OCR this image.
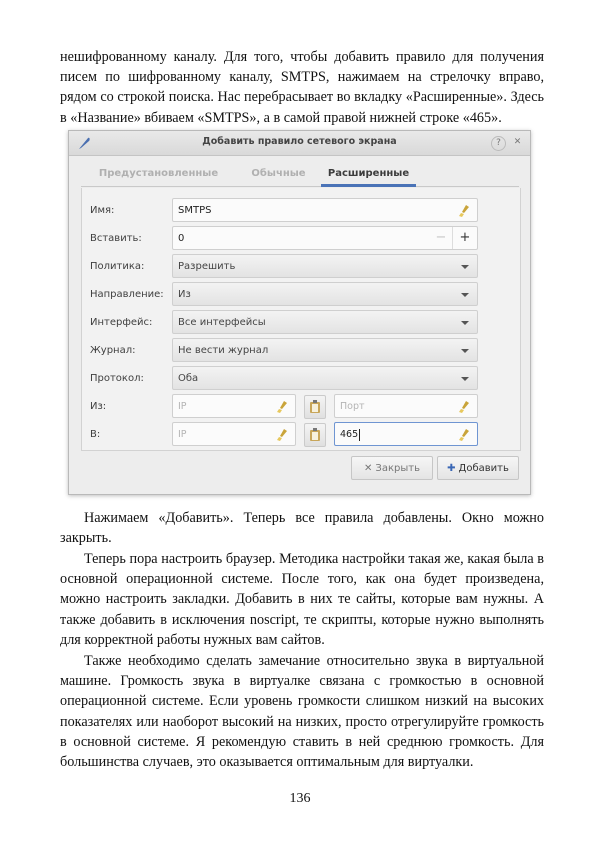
нешифрованному каналу. Для того, чтобы добавить правило для получения писем по шифрованному каналу, SMTPS, нажимаем на стрелочку вправо, рядом со строкой поиска. Нас перебрасывает во вкладку «Расширенные». Здесь в «Название» вбиваем «SMTPS», а в самой правой нижней строке «465».

Добавить правило сетевого экрана	?	✕
Предустановленные	Обычные	Расширенные
Имя:	SMTPS
Вставить:	0	−	+
Политика:	Разрешить
Направление:	Из
Интерфейс:	Все интерфейсы
Журнал:	Не вести журнал
Протокол:	Оба
Из:	IP	Порт
В:	IP	465
✕ Закрыть	✚ Добавить

Нажимаем «Добавить». Теперь все правила добавлены. Окно можно закрыть.

Теперь пора настроить браузер. Методика настройки такая же, какая была в основной операционной системе. После того, как она будет произведена, можно настроить закладки. Добавить в них те сайты, которые вам нужны. А также добавить в исключения noscript, те скрипты, которые нужно выполнять для корректной работы нужных вам сайтов.

Также необходимо сделать замечание относительно звука в виртуальной машине. Громкость звука в виртуалке связана с громкостью в основной операционной системе. Если уровень громкости слишком низкий на высоких показателях или наоборот высокий на низких, просто отрегулируйте громкость в основной системе. Я рекомендую ставить в ней среднюю громкость. Для большинства случаев, это оказывается оптимальным для виртуалки.

136
